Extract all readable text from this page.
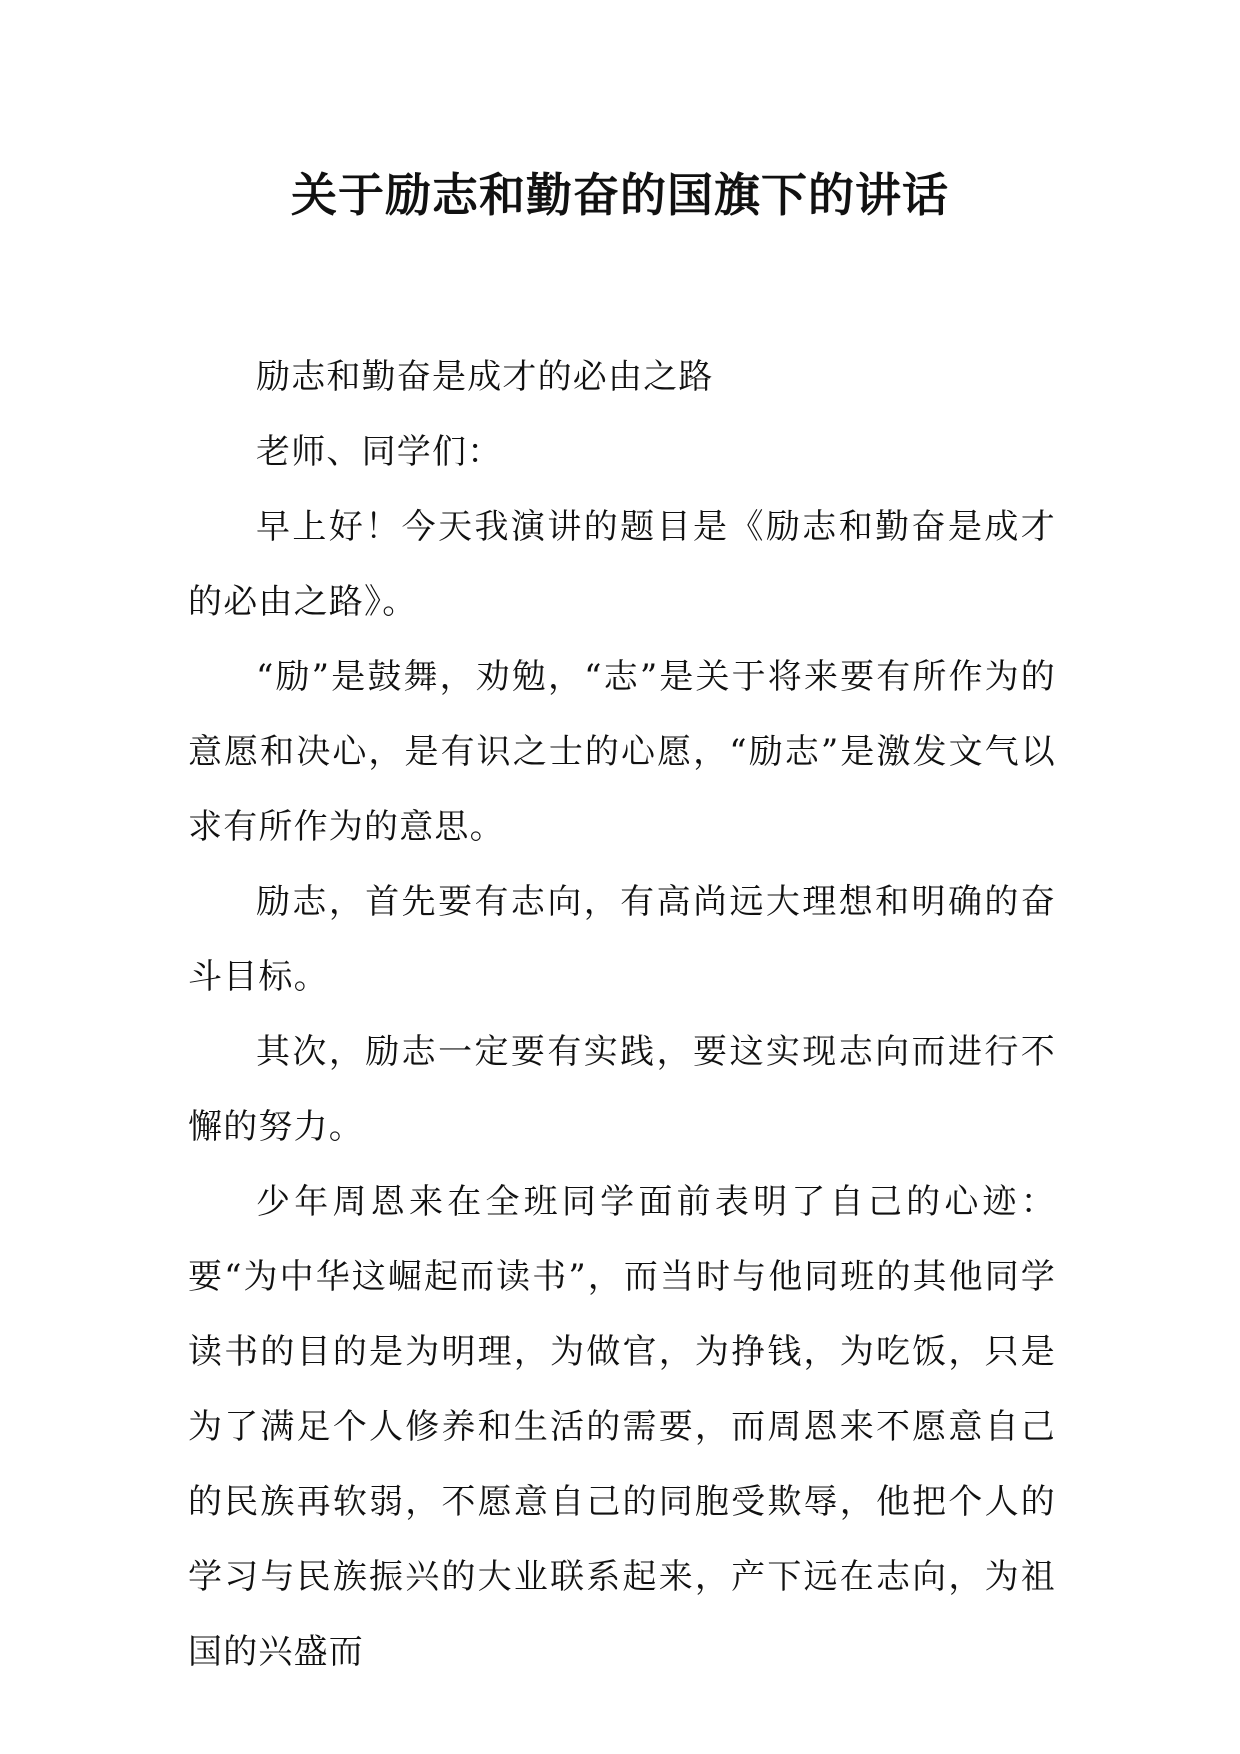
关于励志和勤奋的国旗下的讲话

励志和勤奋是成才的必由之路

老师、同学们：

早上好！今天我演讲的题目是《励志和勤奋是成才的必由之路》。

“励”是鼓舞，劝勉，“志”是关于将来要有所作为的意愿和决心，是有识之士的心愿，“励志”是激发文气以求有所作为的意思。

励志，首先要有志向，有高尚远大理想和明确的奋斗目标。

其次，励志一定要有实践，要这实现志向而进行不懈的努力。

少年周恩来在全班同学面前表明了自己的心迹：要“为中华这崛起而读书”，而当时与他同班的其他同学读书的目的是为明理，为做官，为挣钱，为吃饭，只是为了满足个人修养和生活的需要，而周恩来不愿意自己的民族再软弱，不愿意自己的同胞受欺辱，他把个人的学习与民族振兴的大业联系起来，产下远在志向，为祖国的兴盛而
